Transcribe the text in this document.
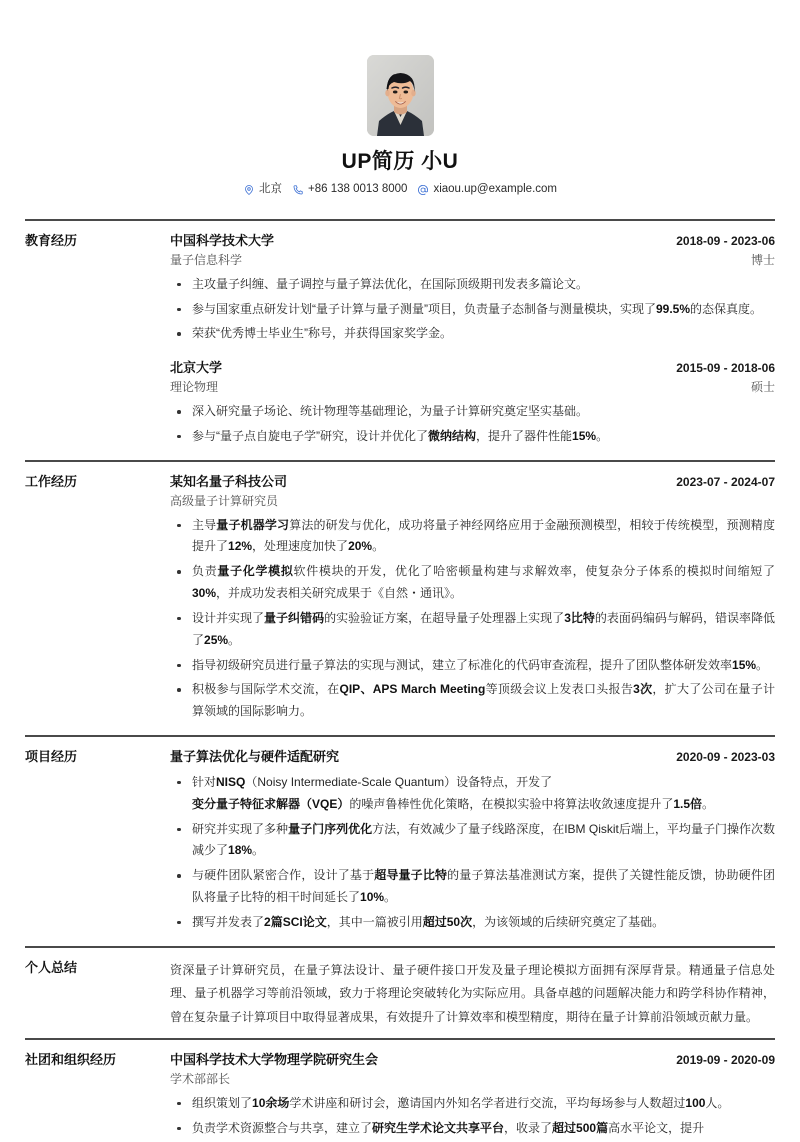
UP简历 小U
北京 +86 138 0013 8000 xiaou.up@example.com
教育经历	中国科学技术大学	2018-09 - 2023-06
量子信息科学	博士
主攻量子纠缠、量子调控与量子算法优化，在国际顶级期刊发表多篇论文。
参与国家重点研发计划“量子计算与量子测量”项目，负责量子态制备与测量模块，实现了99.5%的态保真度。
荣获“优秀博士毕业生”称号，并获得国家奖学金。
北京大学	2015-09 - 2018-06
理论物理	硕士
深入研究量子场论、统计物理等基础理论，为量子计算研究奠定坚实基础。
参与“量子点自旋电子学”研究，设计并优化了微纳结构，提升了器件性能15%。
工作经历	某知名量子科技公司	2023-07 - 2024-07
高级量子计算研究员
主导量子机器学习算法的研发与优化，成功将量子神经网络应用于金融预测模型，相较于传统模型，预测精度提升了12%，处理速度加快了20%。
负责量子化学模拟软件模块的开发，优化了哈密顿量构建与求解效率，使复杂分子体系的模拟时间缩短了30%，并成功发表相关研究成果于《自然・通讯》。
设计并实现了量子纠错码的实验验证方案，在超导量子处理器上实现了3比特的表面码编码与解码，错误率降低了25%。
指导初级研究员进行量子算法的实现与测试，建立了标准化的代码审查流程，提升了团队整体研发效率15%。
积极参与国际学术交流，在QIP、APS March Meeting等顶级会议上发表口头报告3次，扩大了公司在量子计算领域的国际影响力。
项目经历	量子算法优化与硬件适配研究	2020-09 - 2023-03
针对NISQ（Noisy Intermediate-Scale Quantum）设备特点，开发了
变分量子特征求解器（VQE）的噪声鲁棒性优化策略，在模拟实验中将算法收敛速度提升了1.5倍。
研究并实现了多种量子门序列优化方法，有效减少了量子线路深度，在IBM Qiskit后端上，平均量子门操作次数减少了18%。
与硬件团队紧密合作，设计了基于超导量子比特的量子算法基准测试方案，提供了关键性能反馈，协助硬件团队将量子比特的相干时间延长了10%。
撰写并发表了2篇SCI论文，其中一篇被引用超过50次，为该领域的后续研究奠定了基础。
个人总结	资深量子计算研究员，在量子算法设计、量子硬件接口开发及量子理论模拟方面拥有深厚背景。精通量子信息处理、量子机器学习等前沿领域，致力于将理论突破转化为实际应用。具备卓越的问题解决能力和跨学科协作精神，曾在复杂量子计算项目中取得显著成果，有效提升了计算效率和模型精度，期待在量子计算前沿领域贡献力量。

社团和组织经历	中国科学技术大学物理学院研究生会	2019-09 - 2020-09
学术部部长
组织策划了10余场学术讲座和研讨会，邀请国内外知名学者进行交流，平均每场参与人数超过100人。
负责学术资源整合与共享，建立了研究生学术论文共享平台，收录了超过500篇高水平论文，提升
